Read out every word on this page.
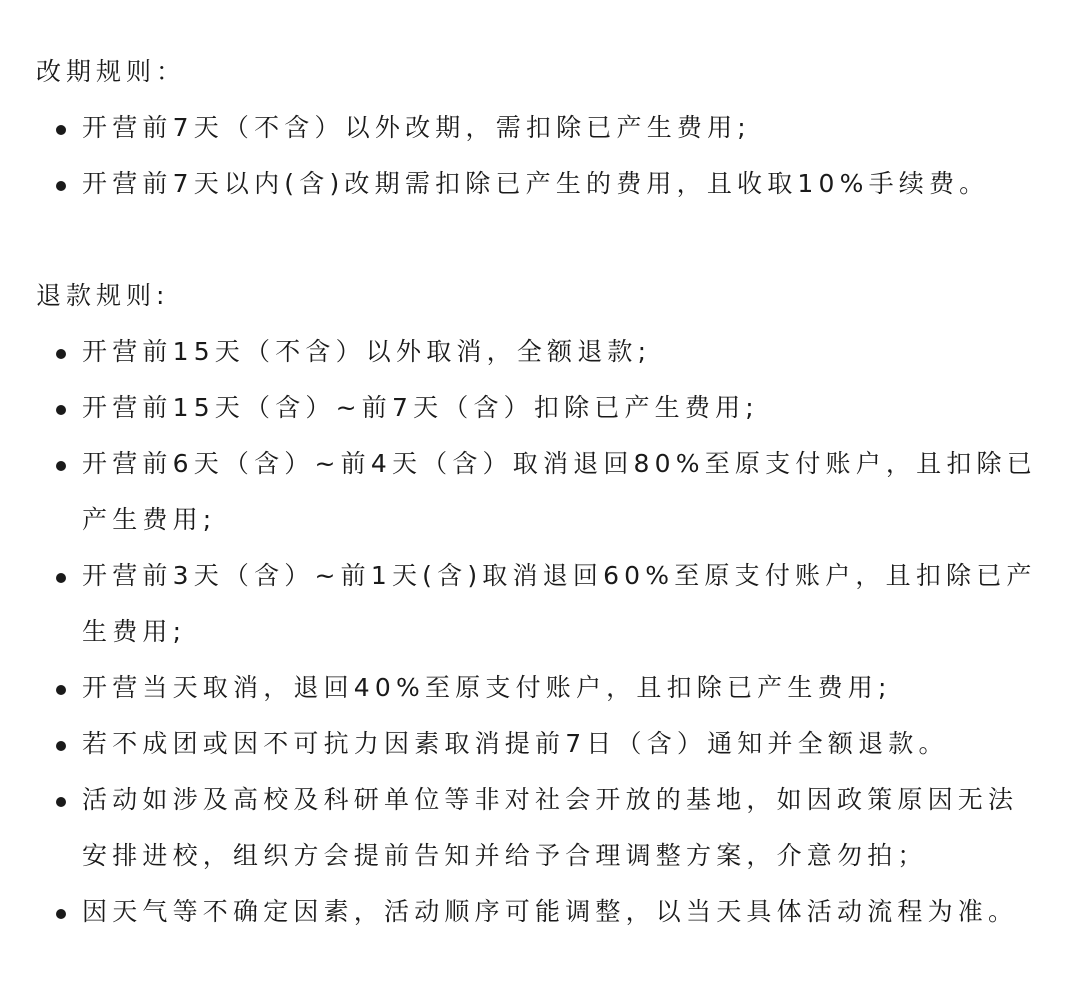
改期规则：
开营前7天（不含）以外改期，需扣除已产生费用;
开营前7天以内(含)改期需扣除已产生的费用，且收取10%手续费。
退款规则:
开营前15天（不含）以外取消，全额退款;
开营前15天（含）~前7天（含）扣除已产生费用;
开营前6天（含）~前4天（含）取消退回80%至原支付账户，且扣除已产生费用;
开营前3天（含）~前1天(含)取消退回60%至原支付账户，且扣除已产生费用;
开营当天取消，退回40%至原支付账户，且扣除已产生费用;
若不成团或因不可抗力因素取消提前7日（含）通知并全额退款。
活动如涉及高校及科研单位等非对社会开放的基地，如因政策原因无法安排进校，组织方会提前告知并给予合理调整方案，介意勿拍；
因天气等不确定因素，活动顺序可能调整，以当天具体活动流程为准。
